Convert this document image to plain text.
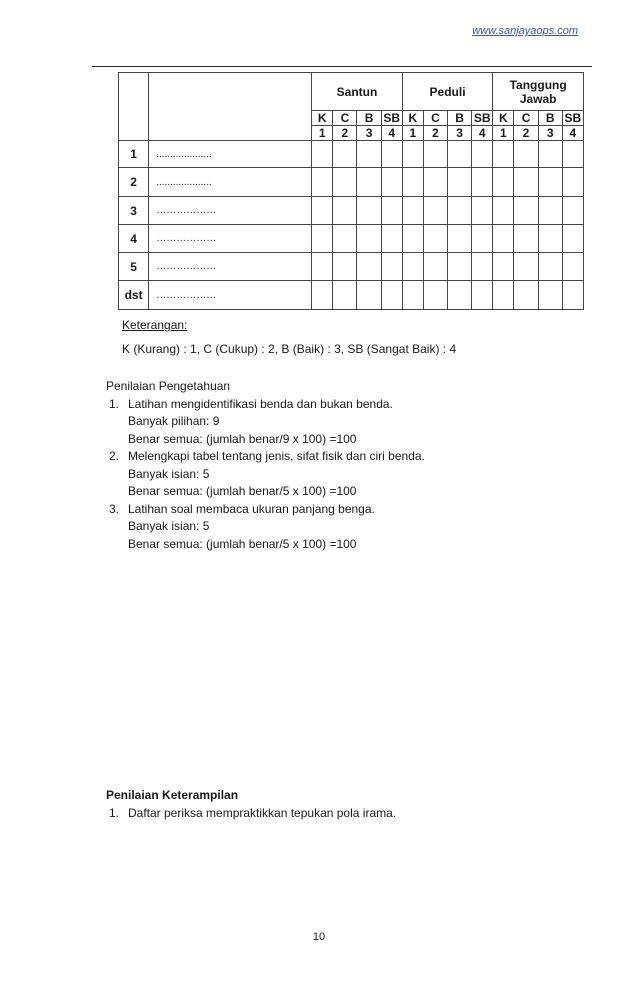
www.sanjayaops.com
		Santun				Peduli				Tanggung Jawab			
		K	C	B	SB	K	C	B	SB	K	C	B	SB
		1	2	3	4	1	2	3	4	1	2	3	4
1	....................												
2	....................												
3	………………												
4	………………												
5	………………												
dst	………………												
Keterangan:
K (Kurang) : 1, C (Cukup) : 2, B (Baik) : 3, SB (Sangat Baik) : 4

Penilaian Pengetahuan

1. Latihan mengidentifikasi benda dan bukan benda.

Banyak pilihan: 9

Benar semua: (jumlah benar/9 x 100) =100

2. Melengkapi tabel tentang jenis, sifat fisik dan ciri benda.

Banyak isian: 5

Benar semua: (jumlah benar/5 x 100) =100

3. Latihan soal membaca ukuran panjang benga.

Banyak isian: 5

Benar semua: (jumlah benar/5 x 100) =100

Penilaian Keterampilan

1. Daftar periksa mempraktikkan tepukan pola irama.

10
